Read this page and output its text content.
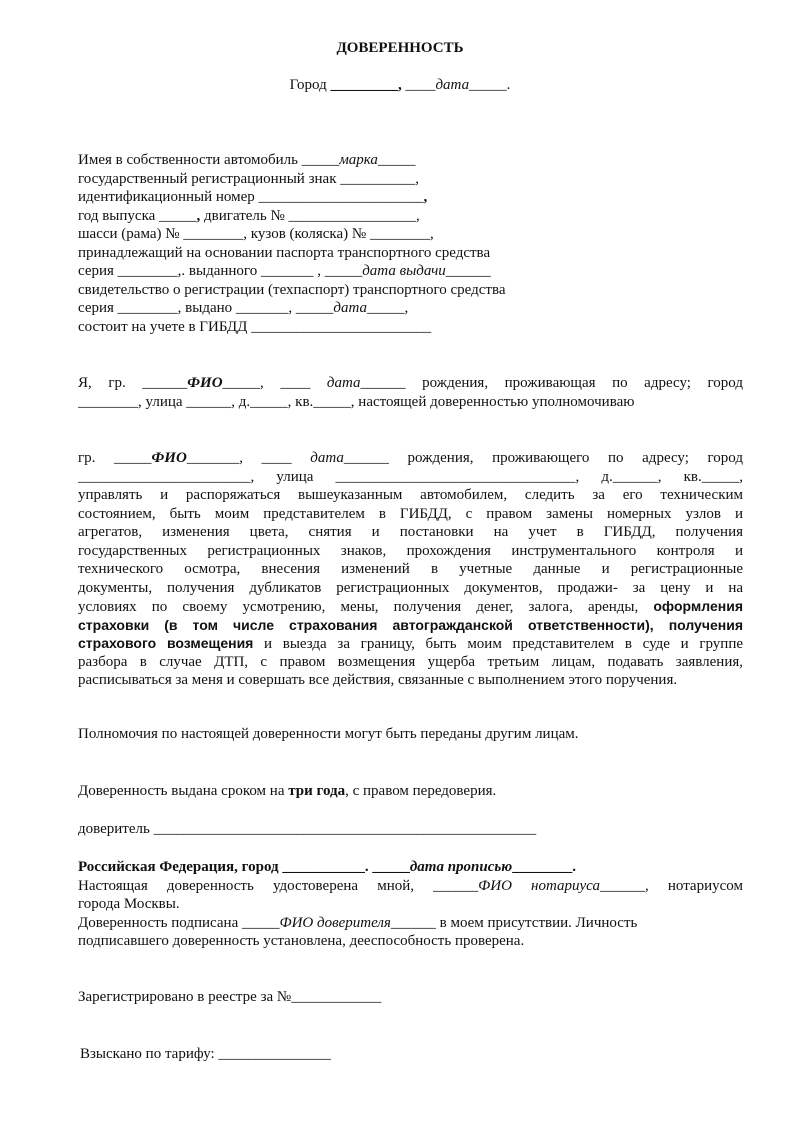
ДОВЕРЕННОСТЬ
Город _________, ____дата_____.
Имея в собственности автомобиль _____марка_____
государственный регистрационный знак __________,
идентификационный номер ______________________,
год выпуска _____, двигатель № _________________,
шасси (рама) № ________, кузов (коляска) № ________,
принадлежащий на основании паспорта транспортного средства
серия ________,. выданного _______ , _____дата выдачи______
свидетельство о регистрации (техпаспорт) транспортного средства
серия ________, выдано _______, _____дата_____,
состоит на учете в ГИБДД ________________________
Я, гр. ______ФИО_____, ____ дата______ рождения, проживающая по адресу; город
________, улица ______, д._____, кв._____, настоящей доверенностью уполномочиваю
гр. _____ФИО_______, ____ дата______ рождения, проживающего по адресу; город
_______________________, улица ________________________________, д.______, кв._____,
управлять и распоряжаться вышеуказанным автомобилем, следить за его техническим
состоянием, быть моим представителем в ГИБДД, с правом замены номерных узлов и
агрегатов, изменения цвета, снятия и постановки на учет в ГИБДД, получения
государственных регистрационных знаков, прохождения инструментального контроля и
технического осмотра, внесения изменений в учетные данные и регистрационные
документы, получения дубликатов регистрационных документов, продажи- за цену и на
условиях по своему усмотрению, мены, получения денег, залога, аренды, оформления
страховки (в том числе страхования автогражданской ответственности), получения
страхового возмещения и выезда за границу, быть моим представителем в суде и группе
разбора в случае ДТП, с правом возмещения ущерба третьим лицам, подавать заявления,
расписываться за меня и совершать все действия, связанные с выполнением этого поручения.
Полномочия по настоящей доверенности могут быть переданы другим лицам.
Доверенность выдана сроком на три года, с правом передоверия.
доверитель ___________________________________________________
Российская Федерация, город ___________. _____дата прописью________.
Настоящая доверенность удостоверена мной, ______ФИО нотариуса______, нотариусом
города Москвы.
Доверенность подписана _____ФИО доверителя______ в моем присутствии. Личность
подписавшего доверенность установлена, дееспособность проверена.
Зарегистрировано в реестре за №____________
Взыскано по тарифу: _______________
